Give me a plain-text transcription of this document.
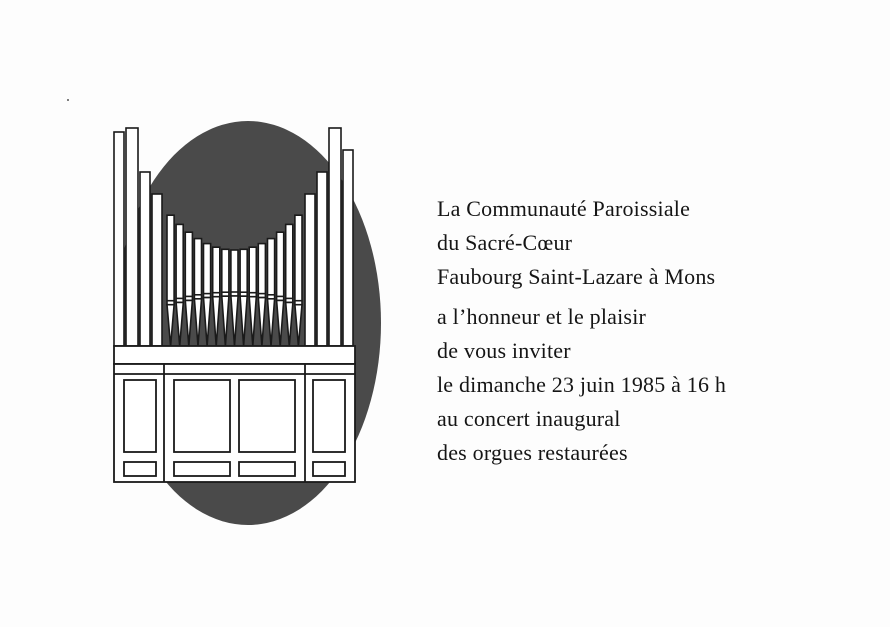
La Communauté Paroissiale
du Sacré-Cœur
Faubourg Saint-Lazare à Mons
a l’honneur et le plaisir
de vous inviter
le dimanche 23 juin 1985 à 16 h
au concert inaugural
des orgues restaurées
